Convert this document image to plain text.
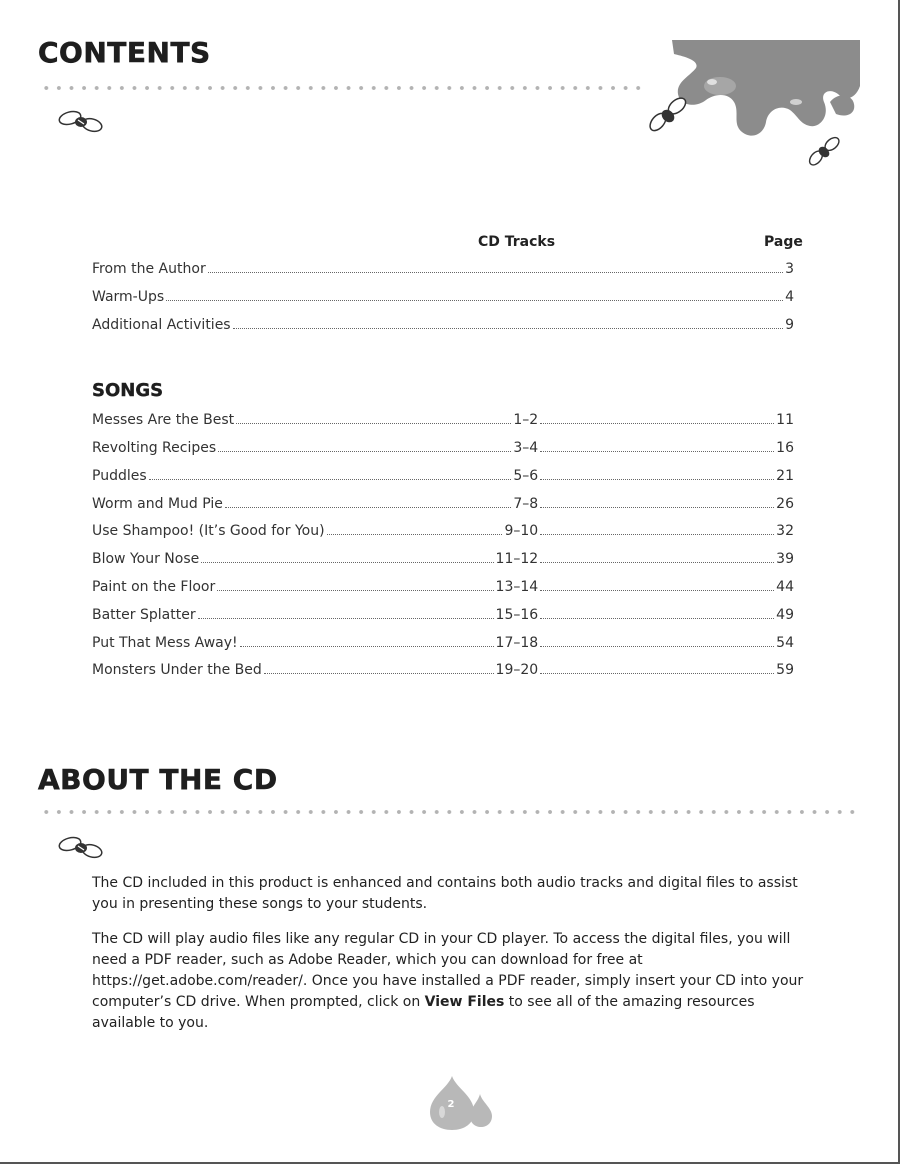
CONTENTS
CD Tracks	Page
From the Author	3
Warm-Ups	4
Additional Activities	9
SONGS
Messes Are the Best	1–2	11
Revolting Recipes	3–4	16
Puddles	5–6	21
Worm and Mud Pie	7–8	26
Use Shampoo! (It’s Good for You)	9–10	32
Blow Your Nose	11–12	39
Paint on the Floor	13–14	44
Batter Splatter	15–16	49
Put That Mess Away!	17–18	54
Monsters Under the Bed	19–20	59
ABOUT THE CD

The CD included in this product is enhanced and contains both audio tracks and digital files to assist you in presenting these songs to your students.

The CD will play audio files like any regular CD in your CD player. To access the digital files, you will need a PDF reader, such as Adobe Reader, which you can download for free at https://get.adobe.com/reader/. Once you have installed a PDF reader, simply insert your CD into your computer’s CD drive. When prompted, click on View Files to see all of the amazing resources available to you.

2
